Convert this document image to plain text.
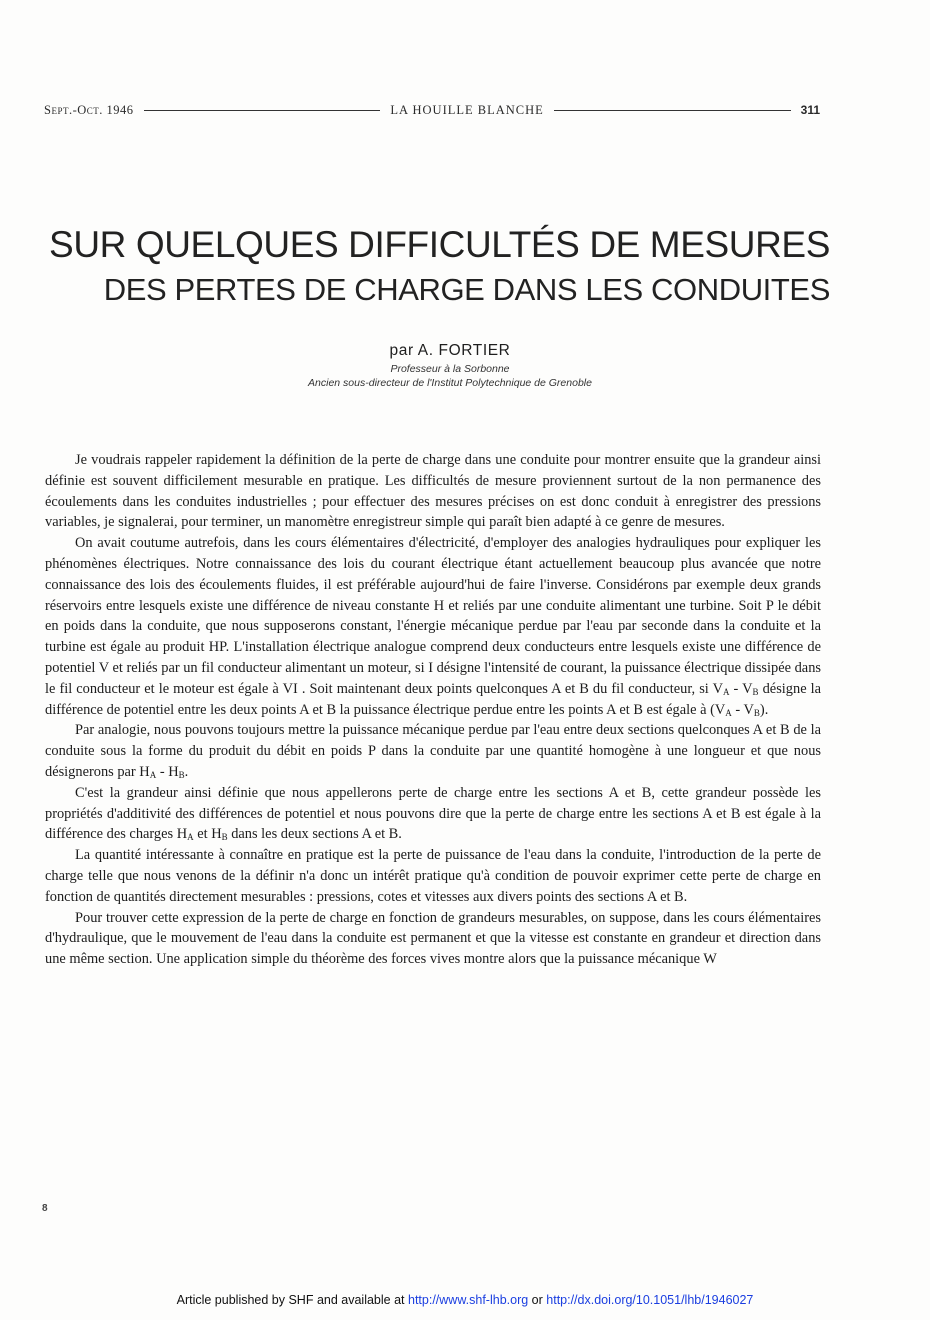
Sept.-Oct. 1946	LA HOUILLE BLANCHE	311
SUR QUELQUES DIFFICULTÉS DE MESURES
DES PERTES DE CHARGE DANS LES CONDUITES
par A. FORTIER
Professeur à la Sorbonne
Ancien sous-directeur de l'Institut Polytechnique de Grenoble

Je voudrais rappeler rapidement la définition de la perte de charge dans une conduite pour montrer ensuite que la grandeur ainsi définie est souvent difficilement mesurable en pratique. Les difficultés de mesure proviennent surtout de la non permanence des écoulements dans les conduites industrielles ; pour effectuer des mesures précises on est donc conduit à enregistrer des pressions variables, je signalerai, pour terminer, un manomètre enregistreur simple qui paraît bien adapté à ce genre de mesures.

On avait coutume autrefois, dans les cours élémentaires d'électricité, d'employer des analogies hydrauliques pour expliquer les phénomènes électriques. Notre connaissance des lois du courant électrique étant actuellement beaucoup plus avancée que notre connaissance des lois des écoulements fluides, il est préférable aujourd'hui de faire l'inverse. Considérons par exemple deux grands réservoirs entre lesquels existe une différence de niveau constante H et reliés par une conduite alimentant une turbine. Soit P le débit en poids dans la conduite, que nous supposerons constant, l'énergie mécanique perdue par l'eau par seconde dans la conduite et la turbine est égale au produit HP. L'installation électrique analogue comprend deux conducteurs entre lesquels existe une différence de potentiel V et reliés par un fil conducteur alimentant un moteur, si I désigne l'intensité de courant, la puissance électrique dissipée dans le fil conducteur et le moteur est égale à VI . Soit maintenant deux points quelconques A et B du fil conducteur, si $V_A - V_B$ désigne la différence de potentiel entre les deux points A et B la puissance électrique perdue entre les points A et B est égale à $(V_A - V_B)$.

Par analogie, nous pouvons toujours mettre la puissance mécanique perdue par l'eau entre deux sections quelconques A et B de la conduite sous la forme du produit du débit en poids P dans la conduite par une quantité homogène à une longueur et que nous désignerons par $H_A - H_B$.

C'est la grandeur ainsi définie que nous appellerons perte de charge entre les sections A et B, cette grandeur possède les propriétés d'additivité des différences de potentiel et nous pouvons dire que la perte de charge entre les sections A et B est égale à la différence des charges $H_A$ et $H_B$ dans les deux sections A et B.

La quantité intéressante à connaître en pratique est la perte de puissance de l'eau dans la conduite, l'introduction de la perte de charge telle que nous venons de la définir n'a donc un intérêt pratique qu'à condition de pouvoir exprimer cette perte de charge en fonction de quantités directement mesurables : pressions, cotes et vitesses aux divers points des sections A et B.

Pour trouver cette expression de la perte de charge en fonction de grandeurs mesurables, on suppose, dans les cours élémentaires d'hydraulique, que le mouvement de l'eau dans la conduite est permanent et que la vitesse est constante en grandeur et direction dans une même section. Une application simple du théorème des forces vives montre alors que la puissance mécanique W

8
Article published by SHF and available at http://www.shf-lhb.org or http://dx.doi.org/10.1051/lhb/1946027
